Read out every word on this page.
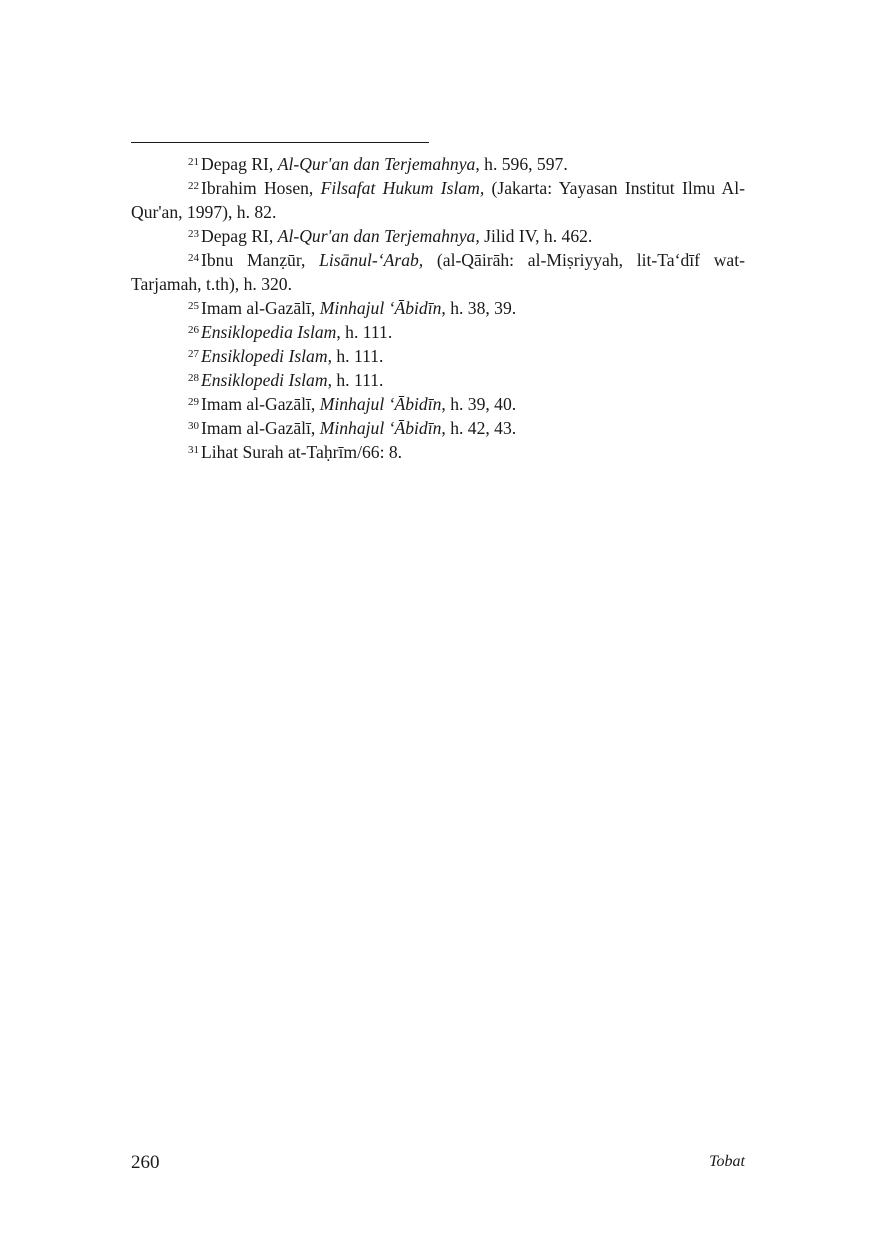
$^{21}$ Depag RI, Al-Qur'an dan Terjemahnya, h. 596, 597.

$^{22}$ Ibrahim Hosen, Filsafat Hukum Islam, (Jakarta: Yayasan Institut Ilmu Al-Qur'an, 1997), h. 82.

$^{23}$ Depag RI, Al-Qur'an dan Terjemahnya, Jilid IV, h. 462.

$^{24}$ Ibnu Manẓūr, Lisānul-‘Arab, (al-Qāirāh: al-Miṣriyyah, lit-Ta‘dīf wat-Tarjamah, t.th), h. 320.

$^{25}$ Imam al-Gazālī, Minhajul ‘Ābidīn, h. 38, 39.

$^{26}$ Ensiklopedia Islam, h. 111.

$^{27}$ Ensiklopedi Islam, h. 111.

$^{28}$ Ensiklopedi Islam, h. 111.

$^{29}$ Imam al-Gazālī, Minhajul ‘Ābidīn, h. 39, 40.

$^{30}$ Imam al-Gazālī, Minhajul ‘Ābidīn, h. 42, 43.

$^{31}$ Lihat Surah at-Taḥrīm/66: 8.

260	Tobat
